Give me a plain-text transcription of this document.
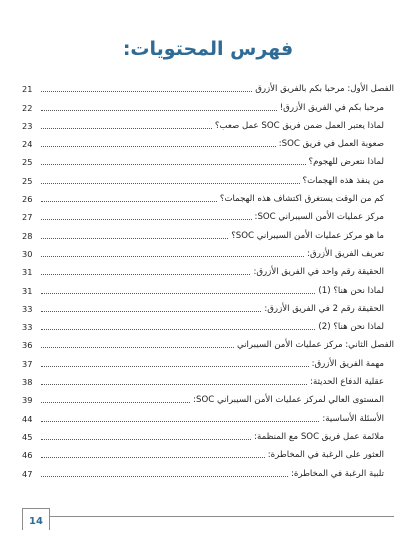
فهرس المحتويات:
الفصل الأول: مرحبا بكم بالفريق الأزرق
21
مرحبا بكم في الفريق الأزرق!
22
لماذا يعتبر العمل ضمن فريق SOC عمل صعب؟
23
صعوبة العمل في فريق SOC:
24
لماذا نتعرض للهجوم؟
25
من ينفذ هذه الهجمات؟
25
كم من الوقت يستغرق اكتشاف هذه الهجمات؟
26
مركز عمليات الأمن السيبراني SOC:
27
ما هو مركز عمليات الأمن السيبراني SOC؟
28
تعريف الفريق الأزرق:
30
الحقيقة رقم واحد في الفريق الأزرق:
31
لماذا نحن هنا؟ (1)
31
الحقيقة رقم 2 في الفريق الأزرق:
33
لماذا نحن هنا؟ (2)
33
الفصل الثاني: مركز عمليات الأمن السيبراني
36
مهمة الفريق الأزرق:
37
عقلية الدفاع الحديثة:
38
المستوى العالي لمركز عمليات الأمن السيبراني SOC:
39
الأسئلة الأساسية:
44
ملائمة عمل فريق SOC مع المنظمة:
45
العثور على الرغبة في المخاطرة:
46
تلبية الرغبة في المخاطرة:
47
14
